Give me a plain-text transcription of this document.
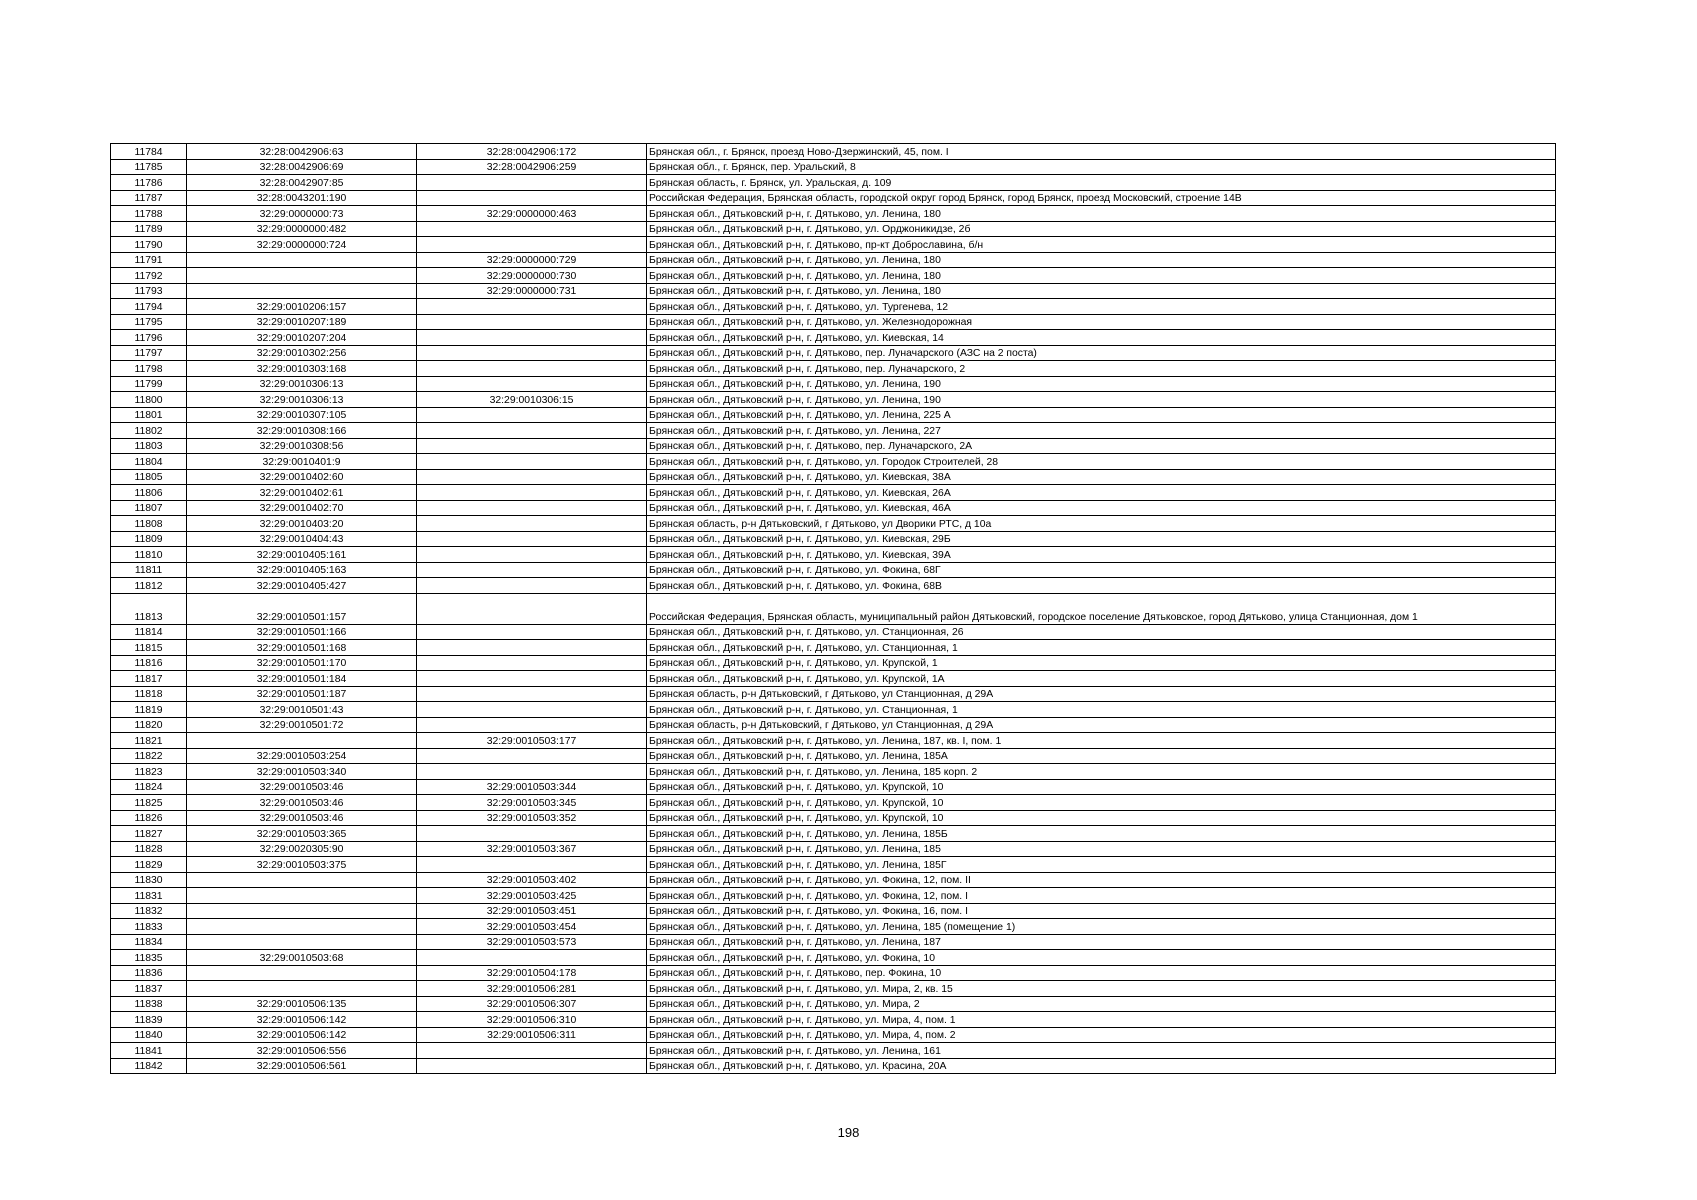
11784	32:28:0042906:63	32:28:0042906:172	Брянская обл., г. Брянск, проезд Ново-Дзержинский, 45, пом. I
11785	32:28:0042906:69	32:28:0042906:259	Брянская обл., г. Брянск, пер. Уральский, 8
11786	32:28:0042907:85		Брянская область, г. Брянск, ул. Уральская, д. 109
11787	32:28:0043201:190		Российская Федерация, Брянская область, городской округ город Брянск, город Брянск, проезд Московский, строение 14В
11788	32:29:0000000:73	32:29:0000000:463	Брянская обл., Дятьковский р-н, г. Дятьково, ул. Ленина, 180
11789	32:29:0000000:482		Брянская обл., Дятьковский р-н, г. Дятьково, ул. Орджоникидзе, 2б
11790	32:29:0000000:724		Брянская обл., Дятьковский р-н, г. Дятьково, пр-кт Доброславина, б/н
11791		32:29:0000000:729	Брянская обл., Дятьковский р-н, г. Дятьково, ул. Ленина, 180
11792		32:29:0000000:730	Брянская обл., Дятьковский р-н, г. Дятьково, ул. Ленина, 180
11793		32:29:0000000:731	Брянская обл., Дятьковский р-н, г. Дятьково, ул. Ленина, 180
11794	32:29:0010206:157		Брянская обл., Дятьковский р-н, г. Дятьково, ул. Тургенева, 12
11795	32:29:0010207:189		Брянская обл., Дятьковский р-н, г. Дятьково, ул. Железнодорожная
11796	32:29:0010207:204		Брянская обл., Дятьковский р-н, г. Дятьково, ул. Киевская, 14
11797	32:29:0010302:256		Брянская обл., Дятьковский р-н, г. Дятьково, пер. Луначарского (АЗС на 2 поста)
11798	32:29:0010303:168		Брянская обл., Дятьковский р-н, г. Дятьково, пер. Луначарского, 2
11799	32:29:0010306:13		Брянская обл., Дятьковский р-н, г. Дятьково, ул. Ленина, 190
11800	32:29:0010306:13	32:29:0010306:15	Брянская обл., Дятьковский р-н, г. Дятьково, ул. Ленина, 190
11801	32:29:0010307:105		Брянская обл., Дятьковский р-н, г. Дятьково, ул. Ленина, 225 А
11802	32:29:0010308:166		Брянская обл., Дятьковский р-н, г. Дятьково, ул. Ленина, 227
11803	32:29:0010308:56		Брянская обл., Дятьковский р-н, г. Дятьково, пер. Луначарского, 2А
11804	32:29:0010401:9		Брянская обл., Дятьковский р-н, г. Дятьково, ул. Городок Строителей, 28
11805	32:29:0010402:60		Брянская обл., Дятьковский р-н, г. Дятьково, ул. Киевская, 38А
11806	32:29:0010402:61		Брянская обл., Дятьковский р-н, г. Дятьково, ул. Киевская, 26А
11807	32:29:0010402:70		Брянская обл., Дятьковский р-н, г. Дятьково, ул. Киевская, 46А
11808	32:29:0010403:20		Брянская область, р-н Дятьковский, г Дятьково, ул Дворики РТС, д 10а
11809	32:29:0010404:43		Брянская обл., Дятьковский р-н, г. Дятьково, ул. Киевская, 29Б
11810	32:29:0010405:161		Брянская обл., Дятьковский р-н, г. Дятьково, ул. Киевская, 39А
11811	32:29:0010405:163		Брянская обл., Дятьковский р-н, г. Дятьково, ул. Фокина, 68Г
11812	32:29:0010405:427		Брянская обл., Дятьковский р-н, г. Дятьково, ул. Фокина, 68В
11813	32:29:0010501:157		Российская Федерация, Брянская область, муниципальный район Дятьковский, городское поселение Дятьковское, город Дятьково, улица Станционная, дом 1
11814	32:29:0010501:166		Брянская обл., Дятьковский р-н, г. Дятьково, ул. Станционная, 26
11815	32:29:0010501:168		Брянская обл., Дятьковский р-н, г. Дятьково, ул. Станционная, 1
11816	32:29:0010501:170		Брянская обл., Дятьковский р-н, г. Дятьково, ул. Крупской, 1
11817	32:29:0010501:184		Брянская обл., Дятьковский р-н, г. Дятьково, ул. Крупской, 1А
11818	32:29:0010501:187		Брянская область, р-н Дятьковский, г Дятьково, ул Станционная, д 29А
11819	32:29:0010501:43		Брянская обл., Дятьковский р-н, г. Дятьково, ул. Станционная, 1
11820	32:29:0010501:72		Брянская область, р-н Дятьковский, г Дятьково, ул Станционная, д 29А
11821		32:29:0010503:177	Брянская обл., Дятьковский р-н, г. Дятьково, ул. Ленина, 187, кв. I, пом. 1
11822	32:29:0010503:254		Брянская обл., Дятьковский р-н, г. Дятьково, ул. Ленина, 185А
11823	32:29:0010503:340		Брянская обл., Дятьковский р-н, г. Дятьково, ул. Ленина, 185 корп. 2
11824	32:29:0010503:46	32:29:0010503:344	Брянская обл., Дятьковский р-н, г. Дятьково, ул. Крупской, 10
11825	32:29:0010503:46	32:29:0010503:345	Брянская обл., Дятьковский р-н, г. Дятьково, ул. Крупской, 10
11826	32:29:0010503:46	32:29:0010503:352	Брянская обл., Дятьковский р-н, г. Дятьково, ул. Крупской, 10
11827	32:29:0010503:365		Брянская обл., Дятьковский р-н, г. Дятьково, ул. Ленина, 185Б
11828	32:29:0020305:90	32:29:0010503:367	Брянская обл., Дятьковский р-н, г. Дятьково, ул. Ленина, 185
11829	32:29:0010503:375		Брянская обл., Дятьковский р-н, г. Дятьково, ул. Ленина, 185Г
11830		32:29:0010503:402	Брянская обл., Дятьковский р-н, г. Дятьково, ул. Фокина, 12, пом. II
11831		32:29:0010503:425	Брянская обл., Дятьковский р-н, г. Дятьково, ул. Фокина, 12, пом. I
11832		32:29:0010503:451	Брянская обл., Дятьковский р-н, г. Дятьково, ул. Фокина, 16, пом. I
11833		32:29:0010503:454	Брянская обл., Дятьковский р-н, г. Дятьково, ул. Ленина, 185 (помещение 1)
11834		32:29:0010503:573	Брянская обл., Дятьковский р-н, г. Дятьково, ул. Ленина, 187
11835	32:29:0010503:68		Брянская обл., Дятьковский р-н, г. Дятьково, ул. Фокина, 10
11836		32:29:0010504:178	Брянская обл., Дятьковский р-н, г. Дятьково, пер. Фокина, 10
11837		32:29:0010506:281	Брянская обл., Дятьковский р-н, г. Дятьково, ул. Мира, 2, кв. 15
11838	32:29:0010506:135	32:29:0010506:307	Брянская обл., Дятьковский р-н, г. Дятьково, ул. Мира, 2
11839	32:29:0010506:142	32:29:0010506:310	Брянская обл., Дятьковский р-н, г. Дятьково, ул. Мира, 4, пом. 1
11840	32:29:0010506:142	32:29:0010506:311	Брянская обл., Дятьковский р-н, г. Дятьково, ул. Мира, 4, пом. 2
11841	32:29:0010506:556		Брянская обл., Дятьковский р-н, г. Дятьково, ул. Ленина, 161
11842	32:29:0010506:561		Брянская обл., Дятьковский р-н, г. Дятьково, ул. Красина, 20А
198
